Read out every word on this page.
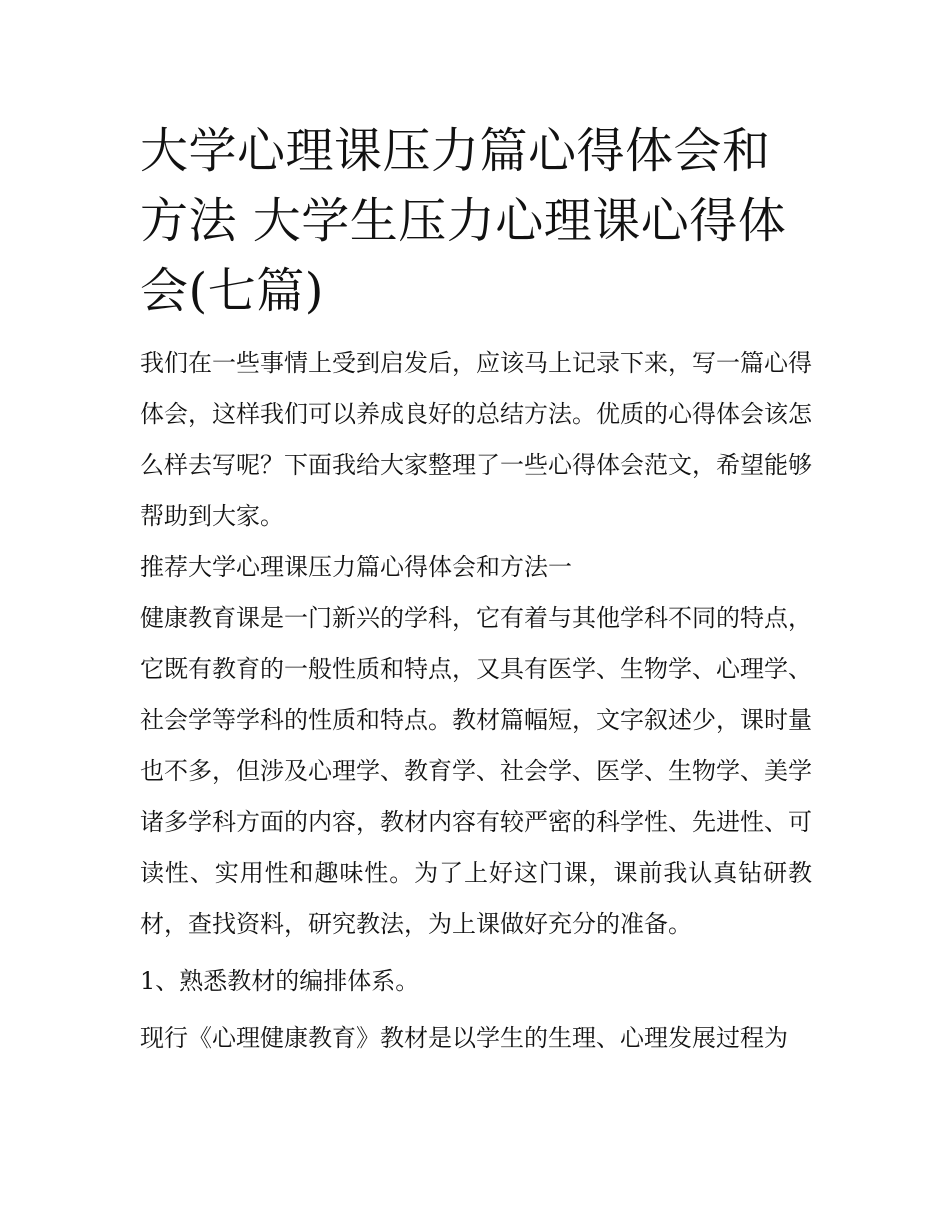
大学心理课压力篇心得体会和方法 大学生压力心理课心得体会(七篇)

我们在一些事情上受到启发后，应该马上记录下来，写一篇心得体会，这样我们可以养成良好的总结方法。优质的心得体会该怎么样去写呢？下面我给大家整理了一些心得体会范文，希望能够帮助到大家。

推荐大学心理课压力篇心得体会和方法一

健康教育课是一门新兴的学科，它有着与其他学科不同的特点，它既有教育的一般性质和特点，又具有医学、生物学、心理学、社会学等学科的性质和特点。教材篇幅短，文字叙述少，课时量也不多，但涉及心理学、教育学、社会学、医学、生物学、美学诸多学科方面的内容，教材内容有较严密的科学性、先进性、可读性、实用性和趣味性。为了上好这门课，课前我认真钻研教材，查找资料，研究教法，为上课做好充分的准备。

1、熟悉教材的编排体系。

现行《心理健康教育》教材是以学生的生理、心理发展过程为
